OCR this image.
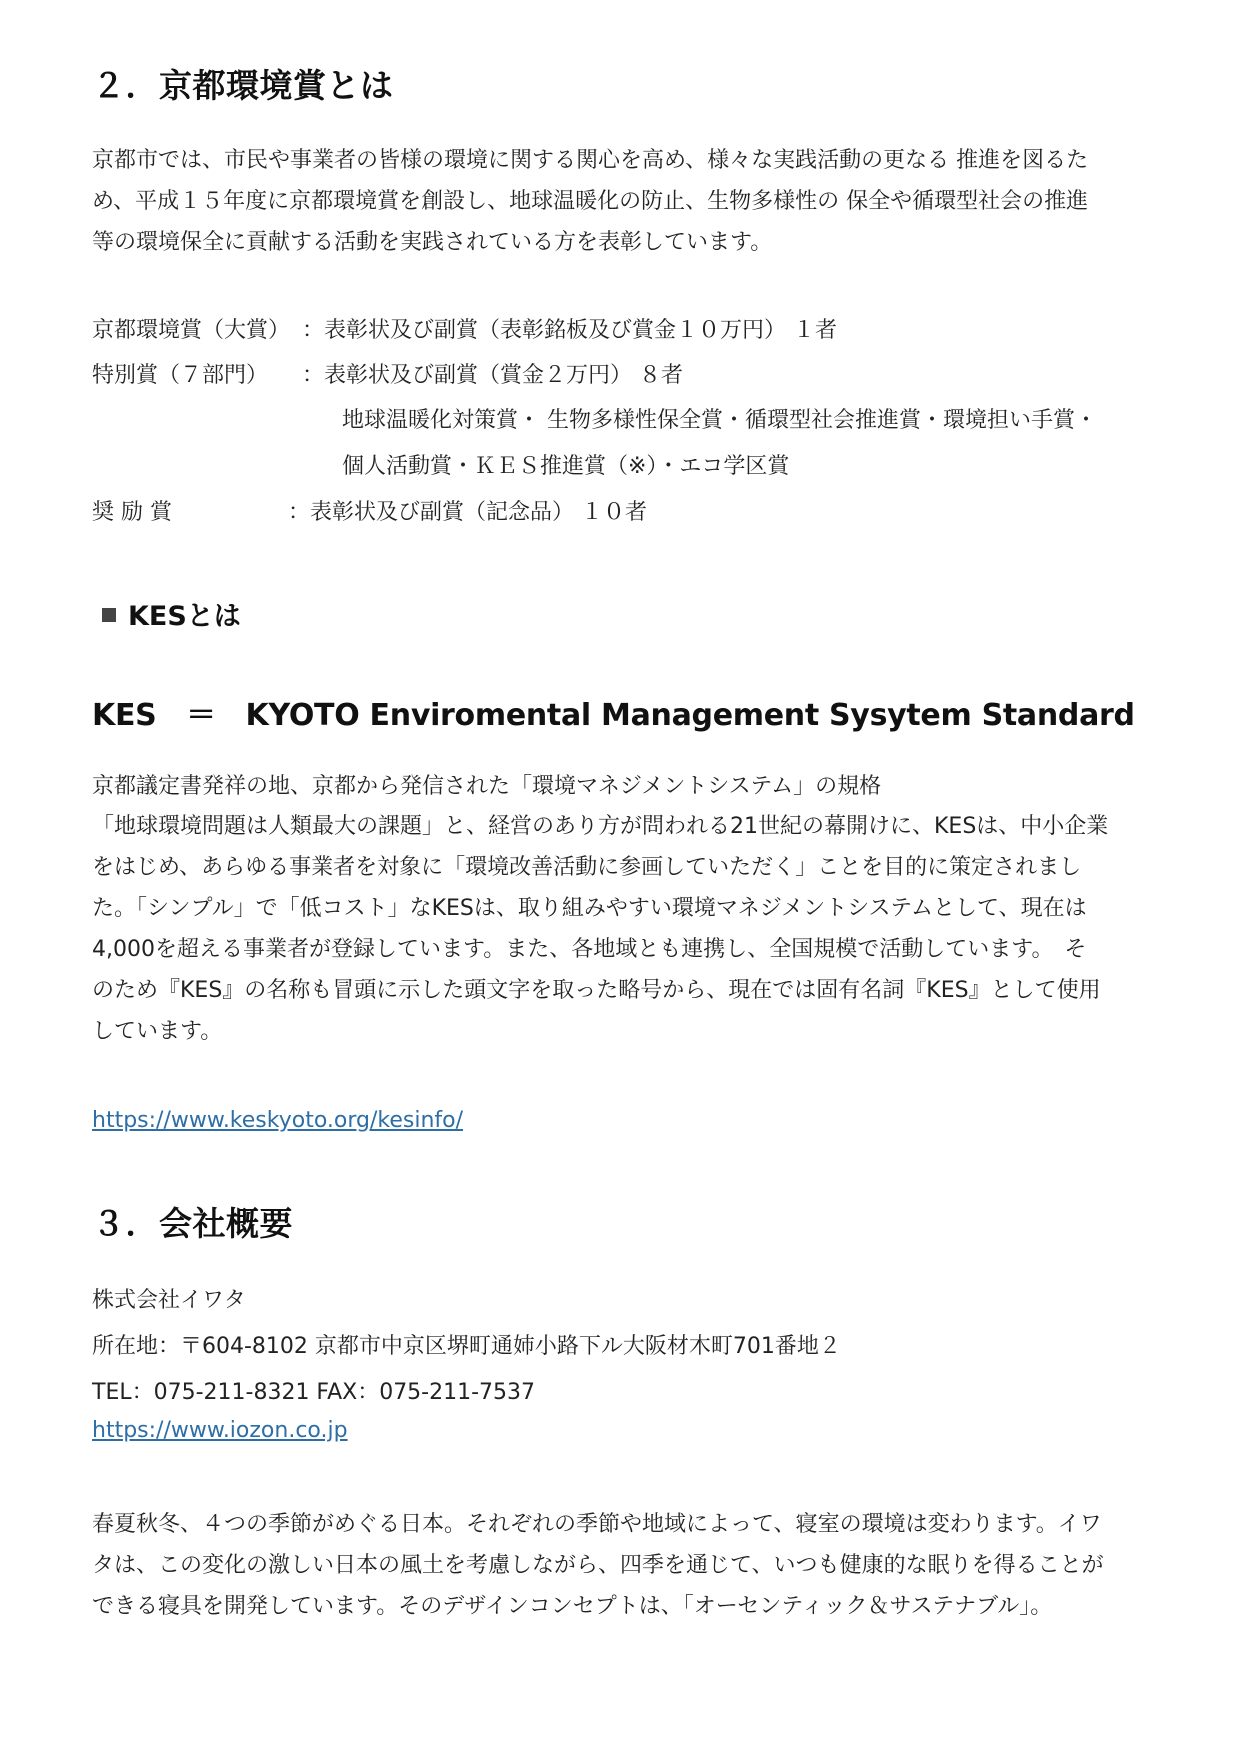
２．京都環境賞とは
京都市では、市民や事業者の皆様の環境に関する関心を高め、様々な実践活動の更なる 推進を図るた
め、平成１５年度に京都環境賞を創設し、地球温暖化の防止、生物多様性の 保全や循環型社会の推進
等の環境保全に貢献する活動を実践されている方を表彰しています。
京都環境賞（大賞） ：表彰状及び副賞（表彰銘板及び賞金１０万円） １者
特別賞（７部門） ：表彰状及び副賞（賞金２万円） ８者
地球温暖化対策賞・ 生物多様性保全賞・循環型社会推進賞・環境担い手賞・
個人活動賞・ＫＥＳ推進賞（※）・エコ学区賞
奨 励 賞	：表彰状及び副賞（記念品） １０者
KESとは
KES　＝　KYOTO Enviromental Management Sysytem Standard
京都議定書発祥の地、京都から発信された「環境マネジメントシステム」の規格
「地球環境問題は人類最大の課題」と、経営のあり方が問われる21世紀の幕開けに、KESは、中小企業
をはじめ、あらゆる事業者を対象に「環境改善活動に参画していただく」ことを目的に策定されまし
た。「シンプル」で「低コスト」なKESは、取り組みやすい環境マネジメントシステムとして、現在は
4,000を超える事業者が登録しています。また、各地域とも連携し、全国規模で活動しています。　そ
のため『KES』の名称も冒頭に示した頭文字を取った略号から、現在では固有名詞『KES』として使用
しています。
https://www.keskyoto.org/kesinfo/
３．会社概要
株式会社イワタ
所在地：〒604-8102 京都市中京区堺町通姉小路下ル大阪材木町701番地２
TEL：075-211-8321 FAX：075-211-7537
https://www.iozon.co.jp
春夏秋冬、４つの季節がめぐる日本。それぞれの季節や地域によって、寝室の環境は変わります。イワ
タは、この変化の激しい日本の風土を考慮しながら、四季を通じて、いつも健康的な眠りを得ることが
できる寝具を開発しています。そのデザインコンセプトは、「オーセンティック＆サステナブル」。
